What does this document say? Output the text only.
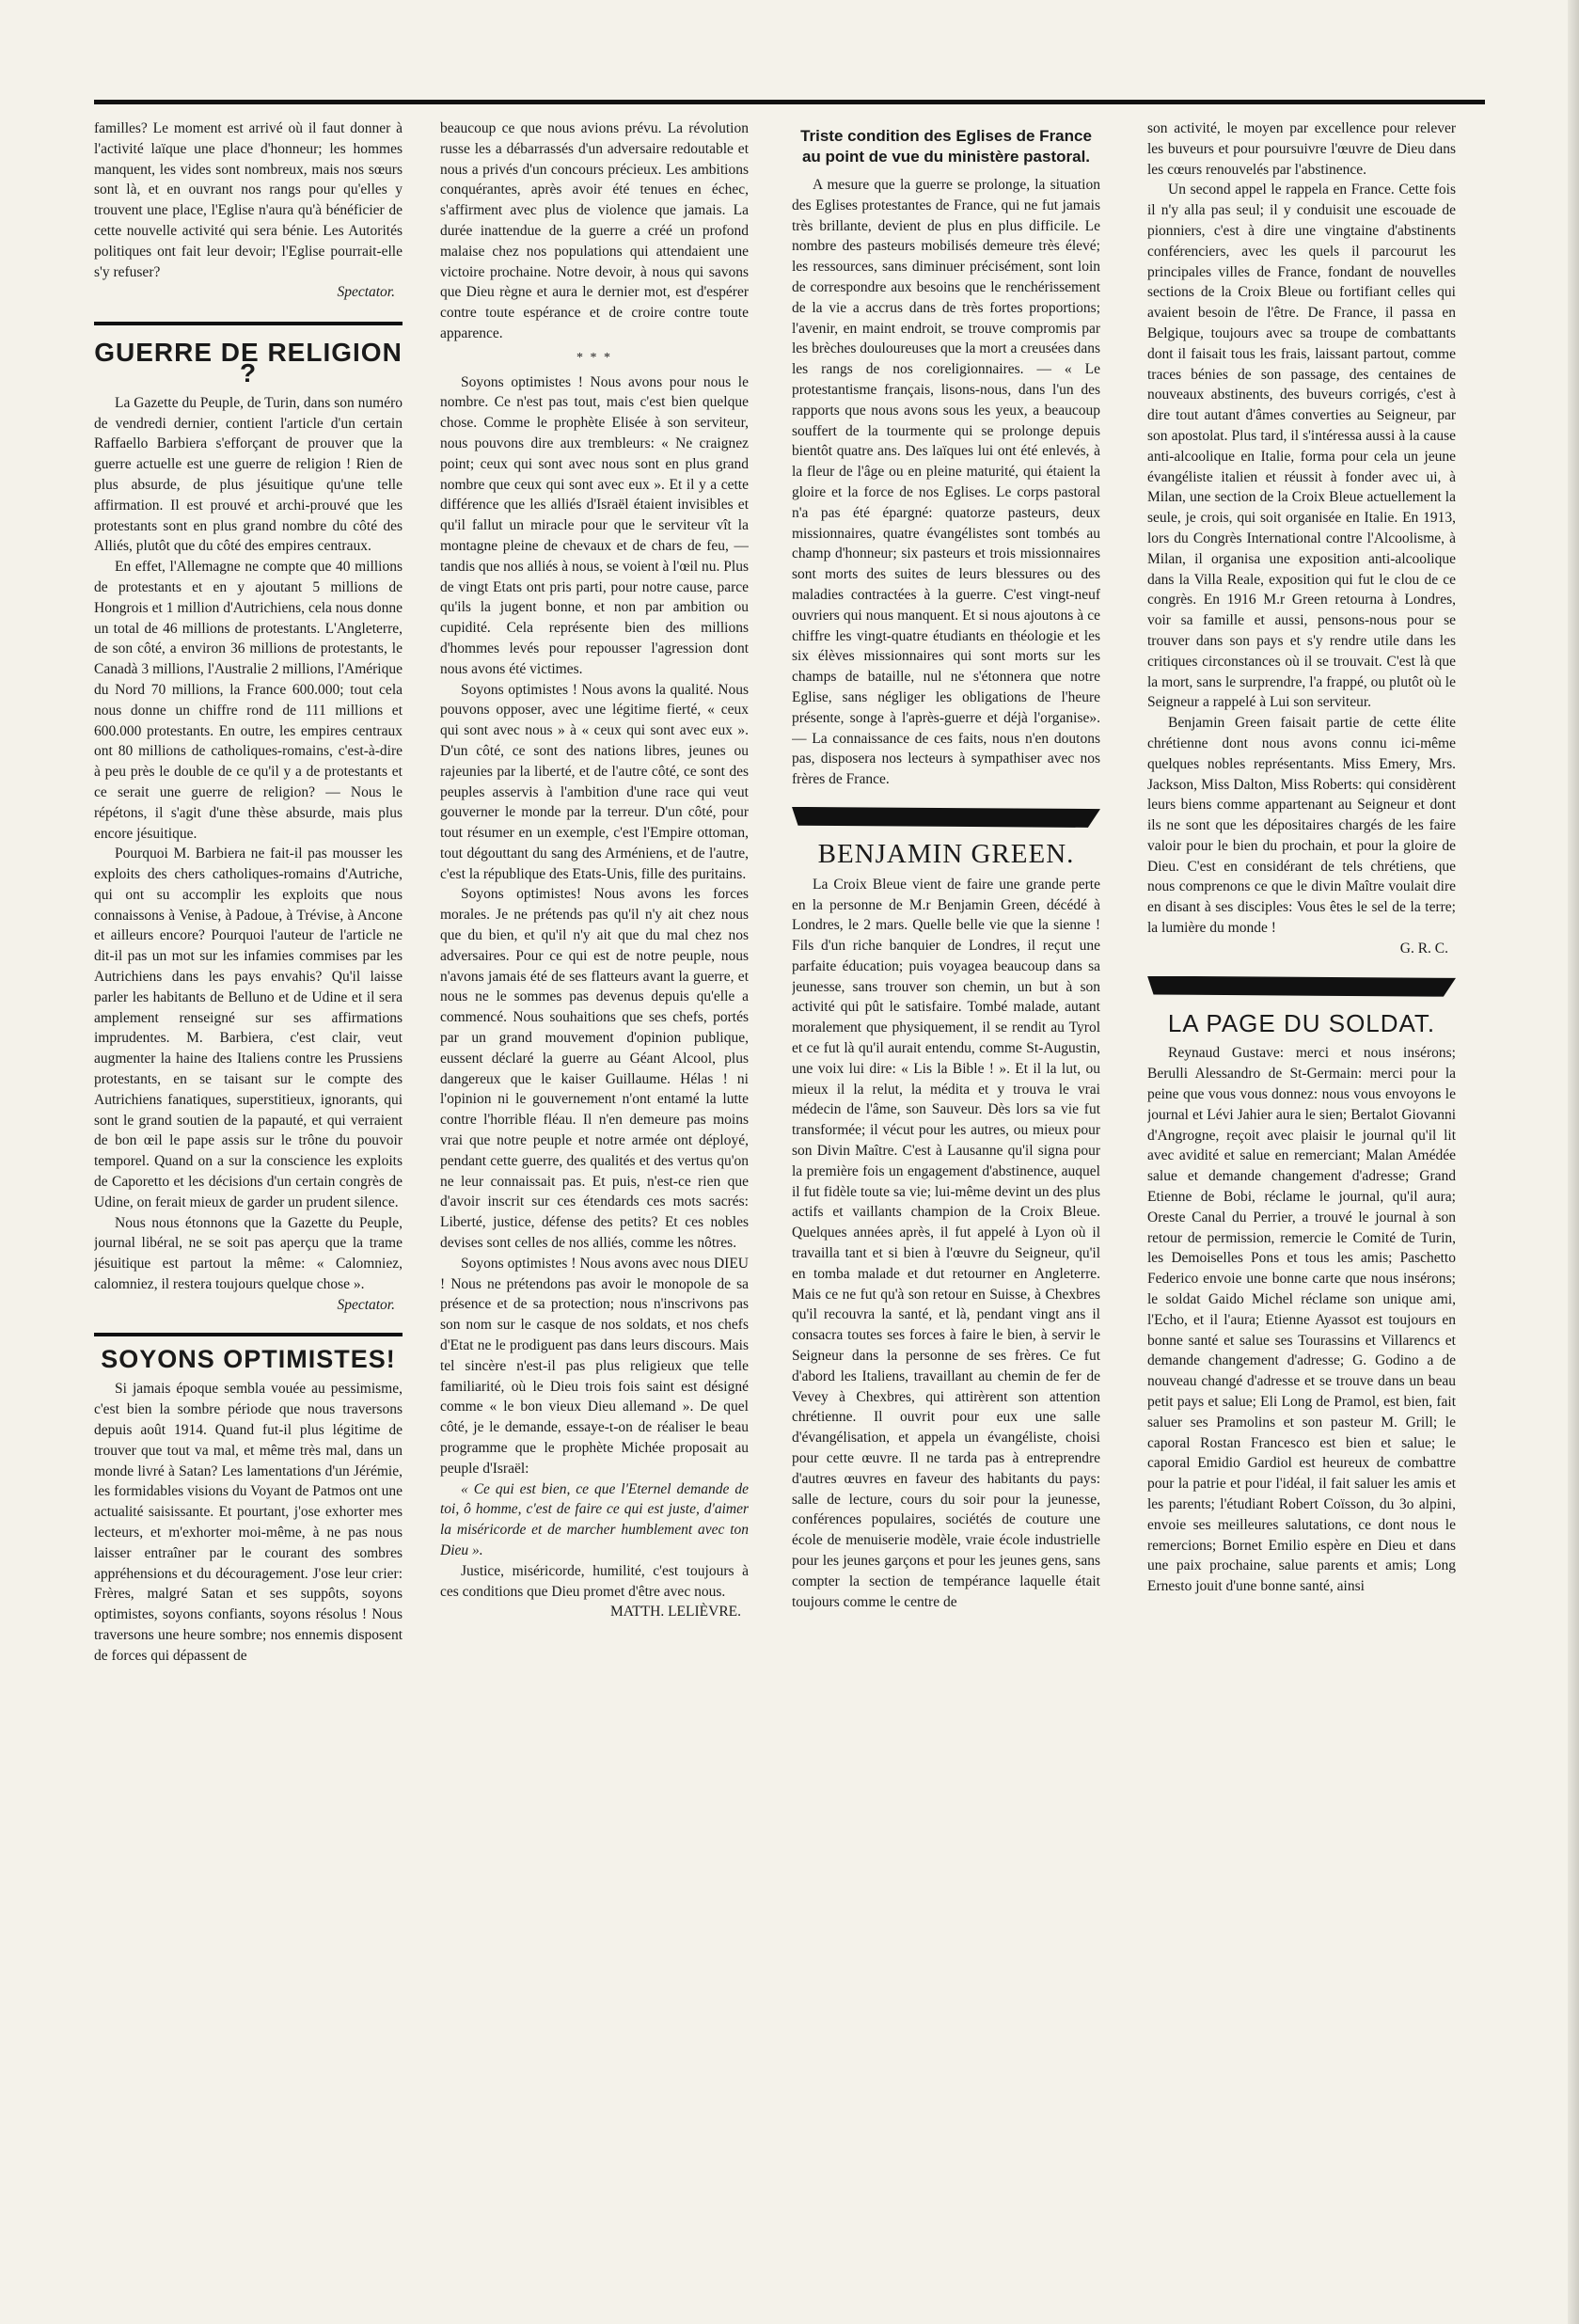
familles? Le moment est arrivé où il faut donner à l'activité laïque une place d'honneur; les hommes manquent, les vides sont nombreux, mais nos sœurs sont là, et en ouvrant nos rangs pour qu'elles y trouvent une place, l'Eglise n'aura qu'à bénéficier de cette nouvelle activité qui sera bénie. Les Autorités politiques ont fait leur devoir; l'Eglise pourrait-elle s'y refuser?

Spectator.
GUERRE DE RELIGION ?

La Gazette du Peuple, de Turin, dans son numéro de vendredi dernier, contient l'article d'un certain Raffaello Barbiera s'efforçant de prouver que la guerre actuelle est une guerre de religion ! Rien de plus absurde, de plus jésuitique qu'une telle affirmation. Il est prouvé et archi-prouvé que les protestants sont en plus grand nombre du côté des Alliés, plutôt que du côté des empires centraux.

En effet, l'Allemagne ne compte que 40 millions de protestants et en y ajoutant 5 millions de Hongrois et 1 million d'Autrichiens, cela nous donne un total de 46 millions de protestants. L'Angleterre, de son côté, a environ 36 millions de protestants, le Canadà 3 millions, l'Australie 2 millions, l'Amérique du Nord 70 millions, la France 600.000; tout cela nous donne un chiffre rond de 111 millions et 600.000 protestants. En outre, les empires centraux ont 80 millions de catholiques-romains, c'est-à-dire à peu près le double de ce qu'il y a de protestants et ce serait une guerre de religion? — Nous le répétons, il s'agit d'une thèse absurde, mais plus encore jésuitique.

Pourquoi M. Barbiera ne fait-il pas mousser les exploits des chers catholiques-romains d'Autriche, qui ont su accomplir les exploits que nous connaissons à Venise, à Padoue, à Trévise, à Ancone et ailleurs encore? Pourquoi l'auteur de l'article ne dit-il pas un mot sur les infamies commises par les Autrichiens dans les pays envahis? Qu'il laisse parler les habitants de Belluno et de Udine et il sera amplement renseigné sur ses affirmations imprudentes. M. Barbiera, c'est clair, veut augmenter la haine des Italiens contre les Prussiens protestants, en se taisant sur le compte des Autrichiens fanatiques, superstitieux, ignorants, qui sont le grand soutien de la papauté, et qui verraient de bon œil le pape assis sur le trône du pouvoir temporel. Quand on a sur la conscience les exploits de Caporetto et les décisions d'un certain congrès de Udine, on ferait mieux de garder un prudent silence.

Nous nous étonnons que la Gazette du Peuple, journal libéral, ne se soit pas aperçu que la trame jésuitique est partout la même: « Calomniez, calomniez, il restera toujours quelque chose ».

Spectator.
SOYONS OPTIMISTES!

Si jamais époque sembla vouée au pessimisme, c'est bien la sombre période que nous traversons depuis août 1914. Quand fut-il plus légitime de trouver que tout va mal, et même très mal, dans un monde livré à Satan? Les lamentations d'un Jérémie, les formidables visions du Voyant de Patmos ont une actualité saisissante. Et pourtant, j'ose exhorter mes lecteurs, et m'exhorter moi-même, à ne pas nous laisser entraîner par le courant des sombres appréhensions et du découragement. J'ose leur crier: Frères, malgré Satan et ses suppôts, soyons optimistes, soyons confiants, soyons résolus ! Nous traversons une heure sombre; nos ennemis disposent de forces qui dépassent de

beaucoup ce que nous avions prévu. La révolution russe les a débarrassés d'un adversaire redoutable et nous a privés d'un concours précieux. Les ambitions conquérantes, après avoir été tenues en échec, s'affirment avec plus de violence que jamais. La durée inattendue de la guerre a créé un profond malaise chez nos populations qui attendaient une victoire prochaine. Notre devoir, à nous qui savons que Dieu règne et aura le dernier mot, est d'espérer contre toute espérance et de croire contre toute apparence.

* * *

Soyons optimistes ! Nous avons pour nous le nombre. Ce n'est pas tout, mais c'est bien quelque chose. Comme le prophète Elisée à son serviteur, nous pouvons dire aux trembleurs: « Ne craignez point; ceux qui sont avec nous sont en plus grand nombre que ceux qui sont avec eux ». Et il y a cette différence que les alliés d'Israël étaient invisibles et qu'il fallut un miracle pour que le serviteur vît la montagne pleine de chevaux et de chars de feu, — tandis que nos alliés à nous, se voient à l'œil nu. Plus de vingt Etats ont pris parti, pour notre cause, parce qu'ils la jugent bonne, et non par ambition ou cupidité. Cela représente bien des millions d'hommes levés pour repousser l'agression dont nous avons été victimes.

Soyons optimistes ! Nous avons la qualité. Nous pouvons opposer, avec une légitime fierté, « ceux qui sont avec nous » à « ceux qui sont avec eux ». D'un côté, ce sont des nations libres, jeunes ou rajeunies par la liberté, et de l'autre côté, ce sont des peuples asservis à l'ambition d'une race qui veut gouverner le monde par la terreur. D'un côté, pour tout résumer en un exemple, c'est l'Empire ottoman, tout dégouttant du sang des Arméniens, et de l'autre, c'est la république des Etats-Unis, fille des puritains.

Soyons optimistes! Nous avons les forces morales. Je ne prétends pas qu'il n'y ait chez nous que du bien, et qu'il n'y ait que du mal chez nos adversaires. Pour ce qui est de notre peuple, nous n'avons jamais été de ses flatteurs avant la guerre, et nous ne le sommes pas devenus depuis qu'elle a commencé. Nous souhaitions que ses chefs, portés par un grand mouvement d'opinion publique, eussent déclaré la guerre au Géant Alcool, plus dangereux que le kaiser Guillaume. Hélas ! ni l'opinion ni le gouvernement n'ont entamé la lutte contre l'horrible fléau. Il n'en demeure pas moins vrai que notre peuple et notre armée ont déployé, pendant cette guerre, des qualités et des vertus qu'on ne leur connaissait pas. Et puis, n'est-ce rien que d'avoir inscrit sur ces étendards ces mots sacrés: Liberté, justice, défense des petits? Et ces nobles devises sont celles de nos alliés, comme les nôtres.

Soyons optimistes ! Nous avons avec nous DIEU ! Nous ne prétendons pas avoir le monopole de sa présence et de sa protection; nous n'inscrivons pas son nom sur le casque de nos soldats, et nos chefs d'Etat ne le prodiguent pas dans leurs discours. Mais tel sincère n'est-il pas plus religieux que telle familiarité, où le Dieu trois fois saint est désigné comme « le bon vieux Dieu allemand ». De quel côté, je le demande, essaye-t-on de réaliser le beau programme que le prophète Michée proposait au peuple d'Israël:

« Ce qui est bien, ce que l'Eternel demande de toi, ô homme, c'est de faire ce qui est juste, d'aimer la miséricorde et de marcher humblement avec ton Dieu ».

Justice, miséricorde, humilité, c'est toujours à ces conditions que Dieu promet d'être avec nous.

MATTH. LELIÈVRE.
Triste condition des Eglises de France
au point de vue du ministère pastoral.

A mesure que la guerre se prolonge, la situation des Eglises protestantes de France, qui ne fut jamais très brillante, devient de plus en plus difficile. Le nombre des pasteurs mobilisés demeure très élevé; les ressources, sans diminuer précisément, sont loin de correspondre aux besoins que le renchérissement de la vie a accrus dans de très fortes proportions; l'avenir, en maint endroit, se trouve compromis par les brèches douloureuses que la mort a creusées dans les rangs de nos coreligionnaires. — « Le protestantisme français, lisons-nous, dans l'un des rapports que nous avons sous les yeux, a beaucoup souffert de la tourmente qui se prolonge depuis bientôt quatre ans. Des laïques lui ont été enlevés, à la fleur de l'âge ou en pleine maturité, qui étaient la gloire et la force de nos Eglises. Le corps pastoral n'a pas été épargné: quatorze pasteurs, deux missionnaires, quatre évangélistes sont tombés au champ d'honneur; six pasteurs et trois missionnaires sont morts des suites de leurs blessures ou des maladies contractées à la guerre. C'est vingt-neuf ouvriers qui nous manquent. Et si nous ajoutons à ce chiffre les vingt-quatre étudiants en théologie et les six élèves missionnaires qui sont morts sur les champs de bataille, nul ne s'étonnera que notre Eglise, sans négliger les obligations de l'heure présente, songe à l'après-guerre et déjà l'organise». — La connaissance de ces faits, nous n'en doutons pas, disposera nos lecteurs à sympathiser avec nos frères de France.

BENJAMIN GREEN.

La Croix Bleue vient de faire une grande perte en la personne de M.r Benjamin Green, décédé à Londres, le 2 mars. Quelle belle vie que la sienne ! Fils d'un riche banquier de Londres, il reçut une parfaite éducation; puis voyagea beaucoup dans sa jeunesse, sans trouver son chemin, un but à son activité qui pût le satisfaire. Tombé malade, autant moralement que physiquement, il se rendit au Tyrol et ce fut là qu'il aurait entendu, comme St-Augustin, une voix lui dire: « Lis la Bible ! ». Et il la lut, ou mieux il la relut, la médita et y trouva le vrai médecin de l'âme, son Sauveur. Dès lors sa vie fut transformée; il vécut pour les autres, ou mieux pour son Divin Maître. C'est à Lausanne qu'il signa pour la première fois un engagement d'abstinence, auquel il fut fidèle toute sa vie; lui-même devint un des plus actifs et vaillants champion de la Croix Bleue. Quelques années après, il fut appelé à Lyon où il travailla tant et si bien à l'œuvre du Seigneur, qu'il en tomba malade et dut retourner en Angleterre. Mais ce ne fut qu'à son retour en Suisse, à Chexbres qu'il recouvra la santé, et là, pendant vingt ans il consacra toutes ses forces à faire le bien, à servir le Seigneur dans la personne de ses frères. Ce fut d'abord les Italiens, travaillant au chemin de fer de Vevey à Chexbres, qui attirèrent son attention chrétienne. Il ouvrit pour eux une salle d'évangélisation, et appela un évangéliste, choisi pour cette œuvre. Il ne tarda pas à entreprendre d'autres œuvres en faveur des habitants du pays: salle de lecture, cours du soir pour la jeunesse, conférences populaires, sociétés de couture une école de menuiserie modèle, vraie école industrielle pour les jeunes garçons et pour les jeunes gens, sans compter la section de tempérance laquelle était toujours comme le centre de

son activité, le moyen par excellence pour relever les buveurs et pour poursuivre l'œuvre de Dieu dans les cœurs renouvelés par l'abstinence.

Un second appel le rappela en France. Cette fois il n'y alla pas seul; il y conduisit une escouade de pionniers, c'est à dire une vingtaine d'abstinents conférenciers, avec les quels il parcourut les principales villes de France, fondant de nouvelles sections de la Croix Bleue ou fortifiant celles qui avaient besoin de l'être. De France, il passa en Belgique, toujours avec sa troupe de combattants dont il faisait tous les frais, laissant partout, comme traces bénies de son passage, des centaines de nouveaux abstinents, des buveurs corrigés, c'est à dire tout autant d'âmes converties au Seigneur, par son apostolat. Plus tard, il s'intéressa aussi à la cause anti-alcoolique en Italie, forma pour cela un jeune évangéliste italien et réussit à fonder avec ui, à Milan, une section de la Croix Bleue actuellement la seule, je crois, qui soit organisée en Italie. En 1913, lors du Congrès International contre l'Alcoolisme, à Milan, il organisa une exposition anti-alcoolique dans la Villa Reale, exposition qui fut le clou de ce congrès. En 1916 M.r Green retourna à Londres, voir sa famille et aussi, pensons-nous pour se trouver dans son pays et s'y rendre utile dans les critiques circonstances où il se trouvait. C'est là que la mort, sans le surprendre, l'a frappé, ou plutôt où le Seigneur a rappelé à Lui son serviteur.

Benjamin Green faisait partie de cette élite chrétienne dont nous avons connu ici-même quelques nobles représentants. Miss Emery, Mrs. Jackson, Miss Dalton, Miss Roberts: qui considèrent leurs biens comme appartenant au Seigneur et dont ils ne sont que les dépositaires chargés de les faire valoir pour le bien du prochain, et pour la gloire de Dieu. C'est en considérant de tels chrétiens, que nous comprenons ce que le divin Maître voulait dire en disant à ses disciples: Vous êtes le sel de la terre; la lumière du monde !

G. R. C.
LA PAGE DU SOLDAT.

Reynaud Gustave: merci et nous insérons; Berulli Alessandro de St-Germain: merci pour la peine que vous vous donnez: nous vous envoyons le journal et Lévi Jahier aura le sien; Bertalot Giovanni d'Angrogne, reçoit avec plaisir le journal qu'il lit avec avidité et salue en remerciant; Malan Amédée salue et demande changement d'adresse; Grand Etienne de Bobi, réclame le journal, qu'il aura; Oreste Canal du Perrier, a trouvé le journal à son retour de permission, remercie le Comité de Turin, les Demoiselles Pons et tous les amis; Paschetto Federico envoie une bonne carte que nous insérons; le soldat Gaido Michel réclame son unique ami, l'Echo, et il l'aura; Etienne Ayassot est toujours en bonne santé et salue ses Tourassins et Villarencs et demande changement d'adresse; G. Godino a de nouveau changé d'adresse et se trouve dans un beau petit pays et salue; Eli Long de Pramol, est bien, fait saluer ses Pramolins et son pasteur M. Grill; le caporal Rostan Francesco est bien et salue; le caporal Emidio Gardiol est heureux de combattre pour la patrie et pour l'idéal, il fait saluer les amis et les parents; l'étudiant Robert Coïsson, du 3o alpini, envoie ses meilleures salutations, ce dont nous le remercions; Bornet Emilio espère en Dieu et dans une paix prochaine, salue parents et amis; Long Ernesto jouit d'une bonne santé, ainsi
